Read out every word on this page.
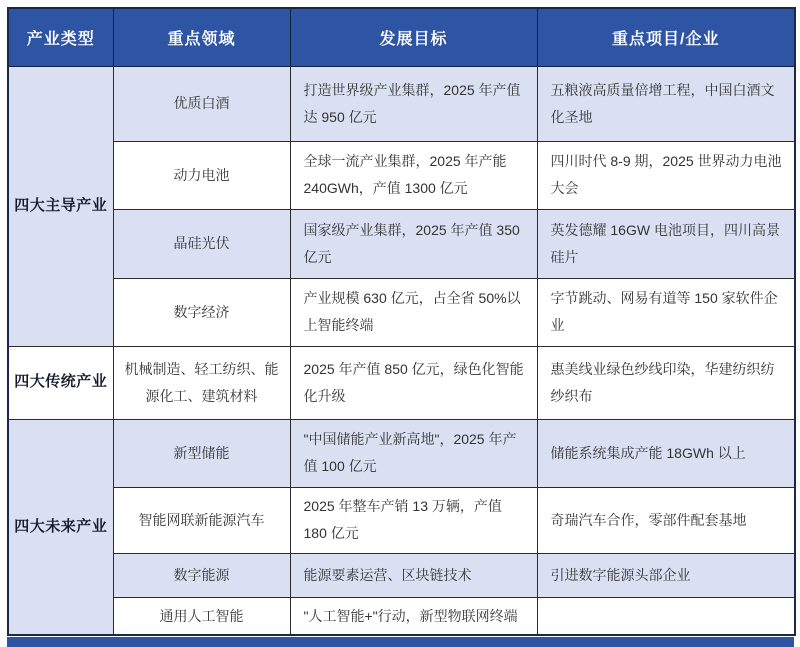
产业类型	重点领域	发展目标	重点项目/企业
四大主导产业	优质白酒	打造世界级产业集群，2025 年产值达 950 亿元	五粮液高质量倍增工程，中国白酒文化圣地
	动力电池	全球一流产业集群，2025 年产能 240GWh，产值 1300 亿元	四川时代 8-9 期，2025 世界动力电池大会
	晶硅光伏	国家级产业集群，2025 年产值 350 亿元	英发德耀 16GW 电池项目，四川高景硅片
	数字经济	产业规模 630 亿元，占全省 50%以上智能终端	字节跳动、网易有道等 150 家软件企业
四大传统产业	机械制造、轻工纺织、能源化工、建筑材料	2025 年产值 850 亿元，绿色化智能化升级	惠美线业绿色纱线印染，华建纺织纺纱织布
四大未来产业	新型储能	"中国储能产业新高地"，2025 年产值 100 亿元	储能系统集成产能 18GWh 以上
	智能网联新能源汽车	2025 年整车产销 13 万辆，产值 180 亿元	奇瑞汽车合作，零部件配套基地
	数字能源	能源要素运营、区块链技术	引进数字能源头部企业
	通用人工智能	"人工智能+"行动，新型物联网终端	
